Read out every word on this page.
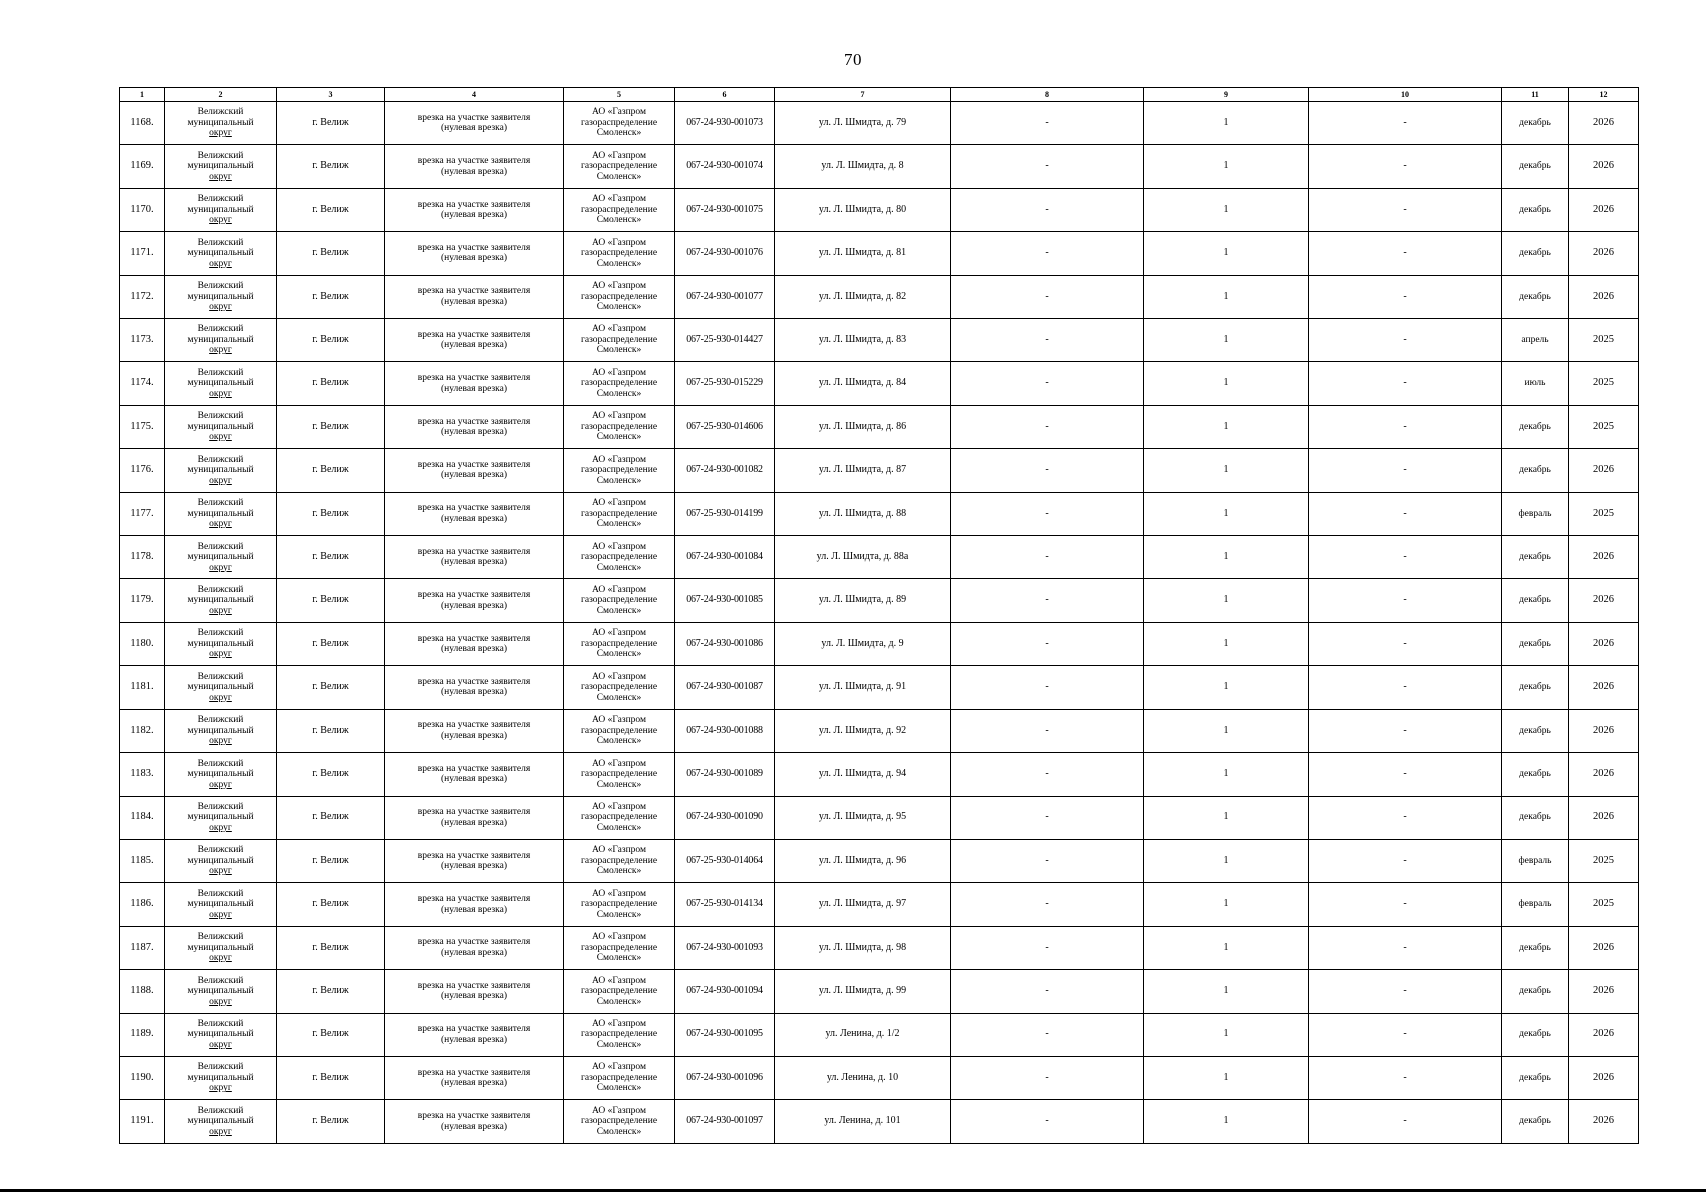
70
1	2	3	4	5	6	7	8	9	10	11	12
1168.	Велижский
муниципальный
округ	г. Велиж	врезка на участке заявителя
(нулевая врезка)	АО «Газпром
газораспределение
Смоленск»	067-24-930-001073	ул. Л. Шмидта, д. 79	-	1	-	декабрь	2026
1169.	Велижский
муниципальный
округ	г. Велиж	врезка на участке заявителя
(нулевая врезка)	АО «Газпром
газораспределение
Смоленск»	067-24-930-001074	ул. Л. Шмидта, д. 8	-	1	-	декабрь	2026
1170.	Велижский
муниципальный
округ	г. Велиж	врезка на участке заявителя
(нулевая врезка)	АО «Газпром
газораспределение
Смоленск»	067-24-930-001075	ул. Л. Шмидта, д. 80	-	1	-	декабрь	2026
1171.	Велижский
муниципальный
округ	г. Велиж	врезка на участке заявителя
(нулевая врезка)	АО «Газпром
газораспределение
Смоленск»	067-24-930-001076	ул. Л. Шмидта, д. 81	-	1	-	декабрь	2026
1172.	Велижский
муниципальный
округ	г. Велиж	врезка на участке заявителя
(нулевая врезка)	АО «Газпром
газораспределение
Смоленск»	067-24-930-001077	ул. Л. Шмидта, д. 82	-	1	-	декабрь	2026
1173.	Велижский
муниципальный
округ	г. Велиж	врезка на участке заявителя
(нулевая врезка)	АО «Газпром
газораспределение
Смоленск»	067-25-930-014427	ул. Л. Шмидта, д. 83	-	1	-	апрель	2025
1174.	Велижский
муниципальный
округ	г. Велиж	врезка на участке заявителя
(нулевая врезка)	АО «Газпром
газораспределение
Смоленск»	067-25-930-015229	ул. Л. Шмидта, д. 84	-	1	-	июль	2025
1175.	Велижский
муниципальный
округ	г. Велиж	врезка на участке заявителя
(нулевая врезка)	АО «Газпром
газораспределение
Смоленск»	067-25-930-014606	ул. Л. Шмидта, д. 86	-	1	-	декабрь	2025
1176.	Велижский
муниципальный
округ	г. Велиж	врезка на участке заявителя
(нулевая врезка)	АО «Газпром
газораспределение
Смоленск»	067-24-930-001082	ул. Л. Шмидта, д. 87	-	1	-	декабрь	2026
1177.	Велижский
муниципальный
округ	г. Велиж	врезка на участке заявителя
(нулевая врезка)	АО «Газпром
газораспределение
Смоленск»	067-25-930-014199	ул. Л. Шмидта, д. 88	-	1	-	февраль	2025
1178.	Велижский
муниципальный
округ	г. Велиж	врезка на участке заявителя
(нулевая врезка)	АО «Газпром
газораспределение
Смоленск»	067-24-930-001084	ул. Л. Шмидта, д. 88а	-	1	-	декабрь	2026
1179.	Велижский
муниципальный
округ	г. Велиж	врезка на участке заявителя
(нулевая врезка)	АО «Газпром
газораспределение
Смоленск»	067-24-930-001085	ул. Л. Шмидта, д. 89	-	1	-	декабрь	2026
1180.	Велижский
муниципальный
округ	г. Велиж	врезка на участке заявителя
(нулевая врезка)	АО «Газпром
газораспределение
Смоленск»	067-24-930-001086	ул. Л. Шмидта, д. 9	-	1	-	декабрь	2026
1181.	Велижский
муниципальный
округ	г. Велиж	врезка на участке заявителя
(нулевая врезка)	АО «Газпром
газораспределение
Смоленск»	067-24-930-001087	ул. Л. Шмидта, д. 91	-	1	-	декабрь	2026
1182.	Велижский
муниципальный
округ	г. Велиж	врезка на участке заявителя
(нулевая врезка)	АО «Газпром
газораспределение
Смоленск»	067-24-930-001088	ул. Л. Шмидта, д. 92	-	1	-	декабрь	2026
1183.	Велижский
муниципальный
округ	г. Велиж	врезка на участке заявителя
(нулевая врезка)	АО «Газпром
газораспределение
Смоленск»	067-24-930-001089	ул. Л. Шмидта, д. 94	-	1	-	декабрь	2026
1184.	Велижский
муниципальный
округ	г. Велиж	врезка на участке заявителя
(нулевая врезка)	АО «Газпром
газораспределение
Смоленск»	067-24-930-001090	ул. Л. Шмидта, д. 95	-	1	-	декабрь	2026
1185.	Велижский
муниципальный
округ	г. Велиж	врезка на участке заявителя
(нулевая врезка)	АО «Газпром
газораспределение
Смоленск»	067-25-930-014064	ул. Л. Шмидта, д. 96	-	1	-	февраль	2025
1186.	Велижский
муниципальный
округ	г. Велиж	врезка на участке заявителя
(нулевая врезка)	АО «Газпром
газораспределение
Смоленск»	067-25-930-014134	ул. Л. Шмидта, д. 97	-	1	-	февраль	2025
1187.	Велижский
муниципальный
округ	г. Велиж	врезка на участке заявителя
(нулевая врезка)	АО «Газпром
газораспределение
Смоленск»	067-24-930-001093	ул. Л. Шмидта, д. 98	-	1	-	декабрь	2026
1188.	Велижский
муниципальный
округ	г. Велиж	врезка на участке заявителя
(нулевая врезка)	АО «Газпром
газораспределение
Смоленск»	067-24-930-001094	ул. Л. Шмидта, д. 99	-	1	-	декабрь	2026
1189.	Велижский
муниципальный
округ	г. Велиж	врезка на участке заявителя
(нулевая врезка)	АО «Газпром
газораспределение
Смоленск»	067-24-930-001095	ул. Ленина, д. 1/2	-	1	-	декабрь	2026
1190.	Велижский
муниципальный
округ	г. Велиж	врезка на участке заявителя
(нулевая врезка)	АО «Газпром
газораспределение
Смоленск»	067-24-930-001096	ул. Ленина, д. 10	-	1	-	декабрь	2026
1191.	Велижский
муниципальный
округ	г. Велиж	врезка на участке заявителя
(нулевая врезка)	АО «Газпром
газораспределение
Смоленск»	067-24-930-001097	ул. Ленина, д. 101	-	1	-	декабрь	2026
